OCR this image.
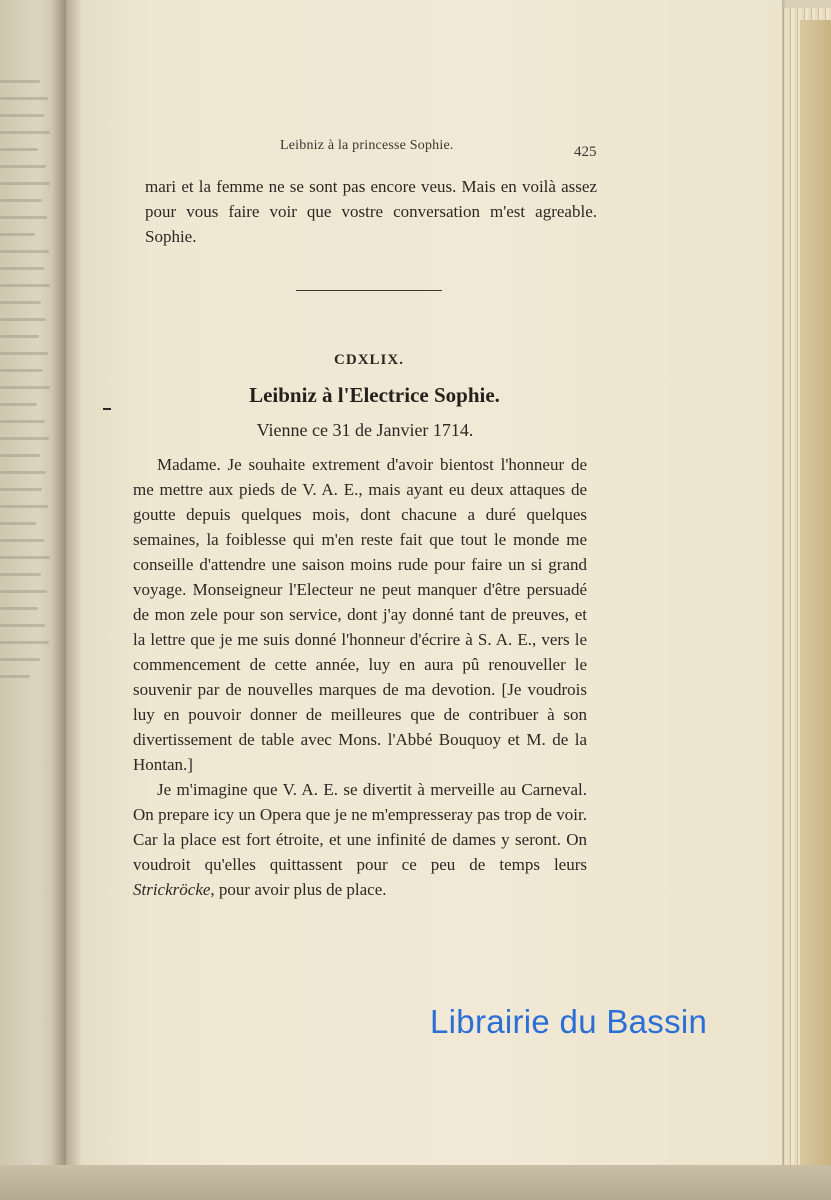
Leibniz à la princesse Sophie.	425

mari et la femme ne se sont pas encore veus. Mais en voilà assez pour vous faire voir que vostre conversation m'est agreable. Sophie.

CDXLIX.
Leibniz à l'Electrice Sophie.
Vienne ce 31 de Janvier 1714.

Madame. Je souhaite extrement d'avoir bientost l'honneur de me mettre aux pieds de V. A. E., mais ayant eu deux attaques de goutte depuis quelques mois, dont chacune a duré quelques semaines, la foiblesse qui m'en reste fait que tout le monde me conseille d'attendre une saison moins rude pour faire un si grand voyage. Monseigneur l'Electeur ne peut manquer d'être persuadé de mon zele pour son service, dont j'ay donné tant de preuves, et la lettre que je me suis donné l'honneur d'écrire à S. A. E., vers le commencement de cette année, luy en aura pû renouveller le souvenir par de nouvelles marques de ma devotion. [Je voudrois luy en pouvoir donner de meilleures que de contribuer à son divertissement de table avec Mons. l'Abbé Bouquoy et M. de la Hontan.]

Je m'imagine que V. A. E. se divertit à merveille au Carneval. On prepare icy un Opera que je ne m'empresseray pas trop de voir. Car la place est fort étroite, et une infinité de dames y seront. On voudroit qu'elles quittassent pour ce peu de temps leurs Strickröcke, pour avoir plus de place.

Librairie du Bassin
